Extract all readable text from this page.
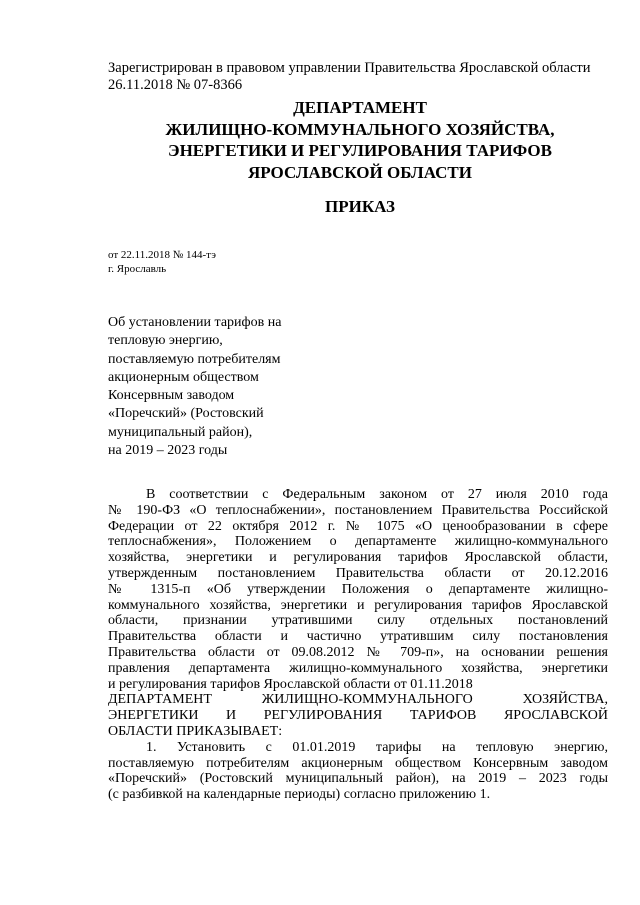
Зарегистрирован в правовом управлении Правительства Ярославской области
26.11.2018 № 07-8366
ДЕПАРТАМЕНТ
ЖИЛИЩНО-КОММУНАЛЬНОГО ХОЗЯЙСТВА,
ЭНЕРГЕТИКИ И РЕГУЛИРОВАНИЯ ТАРИФОВ
ЯРОСЛАВСКОЙ ОБЛАСТИ
ПРИКАЗ
от 22.11.2018 № 144-тэ
г. Ярославль
Об установлении тарифов на
тепловую энергию,
поставляемую потребителям
акционерным обществом
Консервным заводом
«Поречский» (Ростовский
муниципальный район),
на 2019 – 2023 годы
В соответствии с Федеральным законом от 27 июля 2010 года
№ 190-ФЗ «О теплоснабжении», постановлением Правительства Российской
Федерации от 22 октября 2012 г. № 1075 «О ценообразовании в сфере
теплоснабжения», Положением о департаменте жилищно-коммунального
хозяйства, энергетики и регулирования тарифов Ярославской области,
утвержденным постановлением Правительства области от 20.12.2016
№ 1315-п «Об утверждении Положения о департаменте жилищно-
коммунального хозяйства, энергетики и регулирования тарифов Ярославской
области, признании утратившими силу отдельных постановлений
Правительства области и частично утратившим силу постановления
Правительства области от 09.08.2012 № 709-п», на основании решения
правления департамента жилищно-коммунального хозяйства, энергетики
и регулирования тарифов Ярославской области от 01.11.2018
ДЕПАРТАМЕНТ ЖИЛИЩНО-КОММУНАЛЬНОГО ХОЗЯЙСТВА,
ЭНЕРГЕТИКИ И РЕГУЛИРОВАНИЯ ТАРИФОВ ЯРОСЛАВСКОЙ
ОБЛАСТИ ПРИКАЗЫВАЕТ:
1. Установить с 01.01.2019 тарифы на тепловую энергию,
поставляемую потребителям акционерным обществом Консервным заводом
«Поречский» (Ростовский муниципальный район), на 2019 – 2023 годы
(с разбивкой на календарные периоды) согласно приложению 1.
